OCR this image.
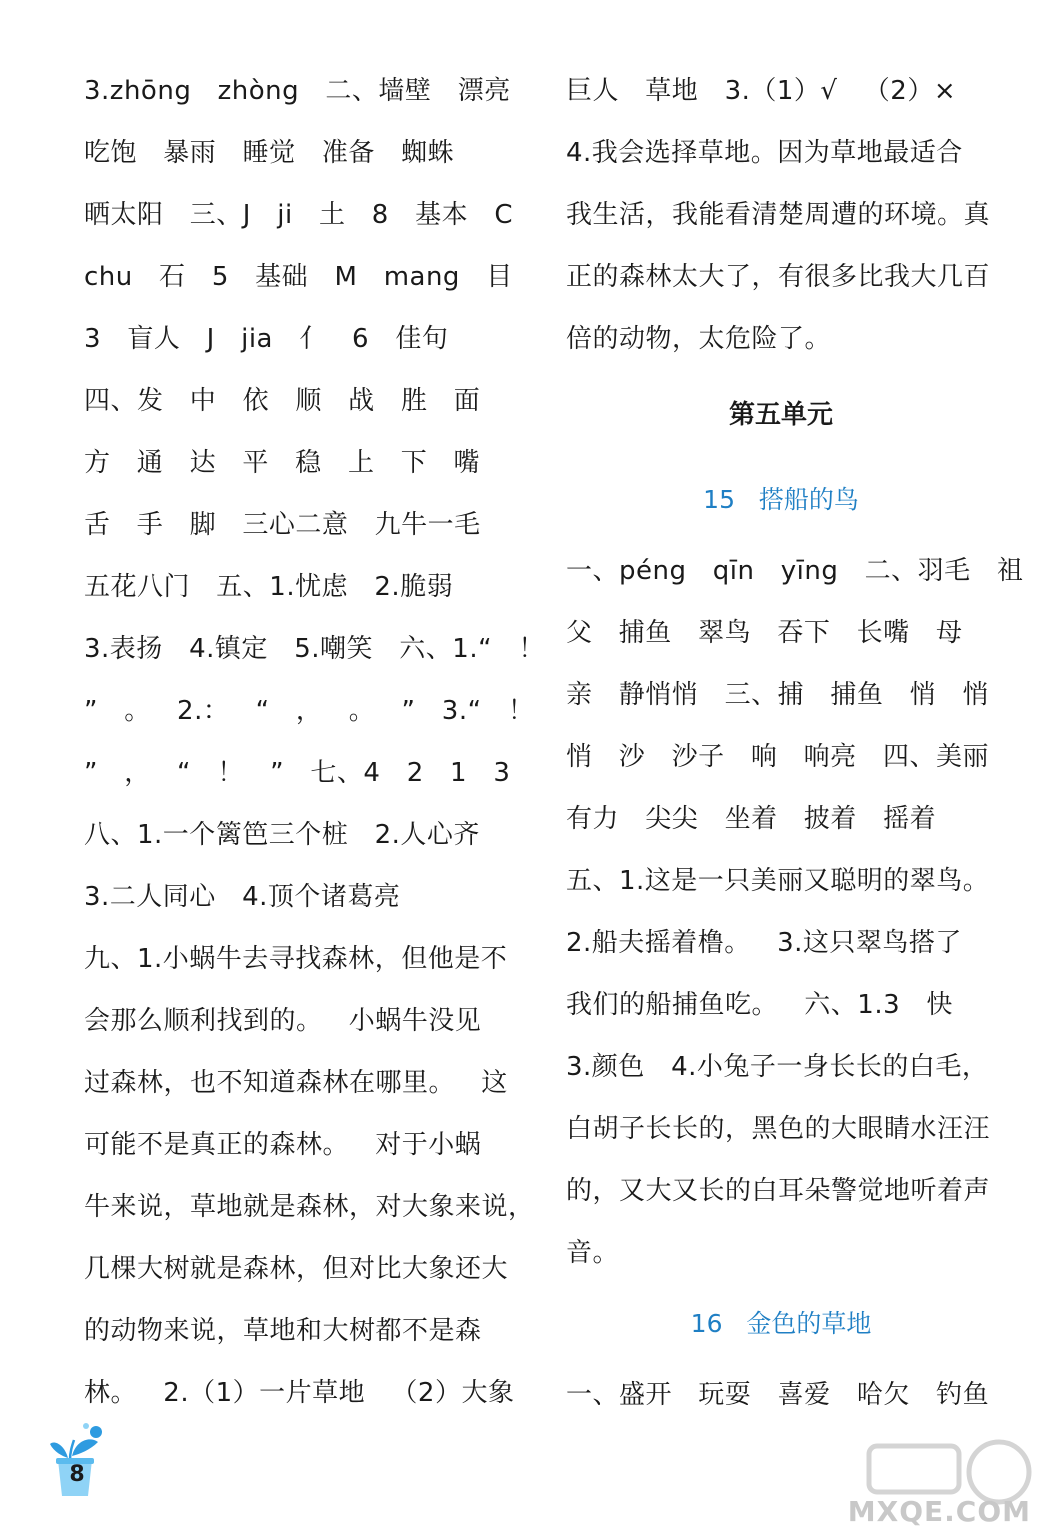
3.zhōng   zhòng   二、墙壁   漂亮
吃饱   暴雨   睡觉   准备   蜘蛛
晒太阳   三、J   ji   土   8   基本   C
chu   石   5   基础   M   mang   目
3   盲人   J   jia   亻   6   佳句
四、发   中   依   顺   战   胜   面
方   通   达   平   稳   上   下   嘴
舌   手   脚   三心二意   九牛一毛
五花八门   五、1.忧虑   2.脆弱
3.表扬   4.镇定   5.嘲笑   六、1.“   ！
”   。   2.：   “   ，   。   ”   3.“   ！
”   ，   “   ！   ”   七、4   2   1   3
八、1.一个篱笆三个桩   2.人心齐
3.二人同心   4.顶个诸葛亮
九、1.小蜗牛去寻找森林，但他是不
会那么顺利找到的。   小蜗牛没见
过森林，也不知道森林在哪里。   这
可能不是真正的森林。   对于小蜗
牛来说，草地就是森林，对大象来说，
几棵大树就是森林，但对比大象还大
的动物来说，草地和大树都不是森
林。   2.（1）一片草地   （2）大象
巨人   草地   3.（1）√   （2）×
4.我会选择草地。因为草地最适合
我生活，我能看清楚周遭的环境。真
正的森林太大了，有很多比我大几百
倍的动物，太危险了。
第五单元
15   搭船的鸟
一、péng   qīn   yīng   二、羽毛   祖
父   捕鱼   翠鸟   吞下   长嘴   母
亲   静悄悄   三、捕   捕鱼   悄   悄
悄   沙   沙子   响   响亮   四、美丽
有力   尖尖   坐着   披着   摇着
五、1.这是一只美丽又聪明的翠鸟。
2.船夫摇着橹。   3.这只翠鸟搭了
我们的船捕鱼吃。   六、1.3   快
3.颜色   4.小兔子一身长长的白毛，
白胡子长长的，黑色的大眼睛水汪汪
的，又大又长的白耳朵警觉地听着声
音。
16   金色的草地
一、盛开   玩耍   喜爱   哈欠   钓鱼
8
MXQE.COM
